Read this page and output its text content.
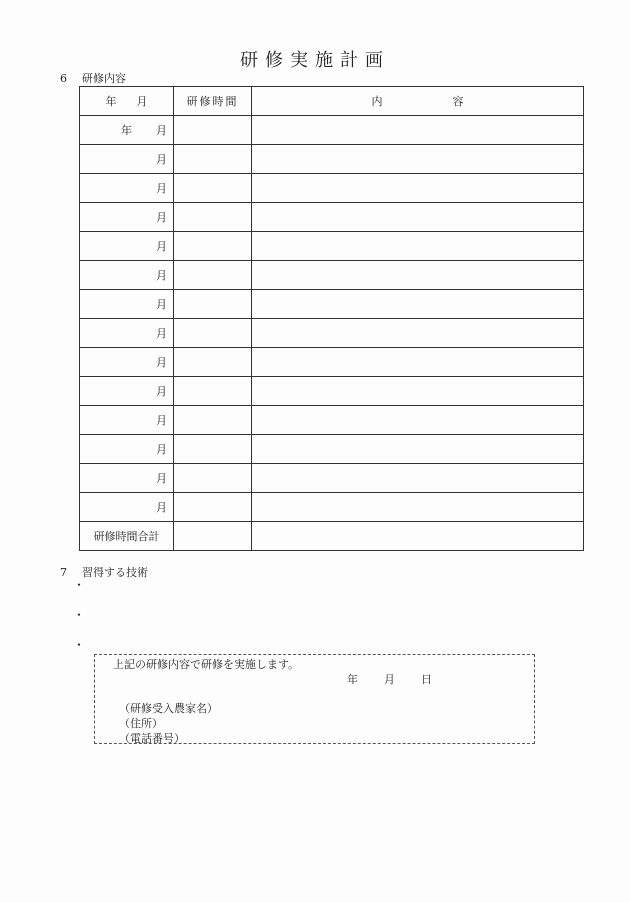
研修実施計画
6 研修内容
年 月	研修時間	内 容
年 月		
月		
月		
月		
月		
月		
月		
月		
月		
月		
月		
月		
月		
月		
研修時間合計		
7 習得する技術
・
・
・
上記の研修内容で研修を実施します。
年 月 日
（研修受入農家名）
（住所）
（電話番号）
